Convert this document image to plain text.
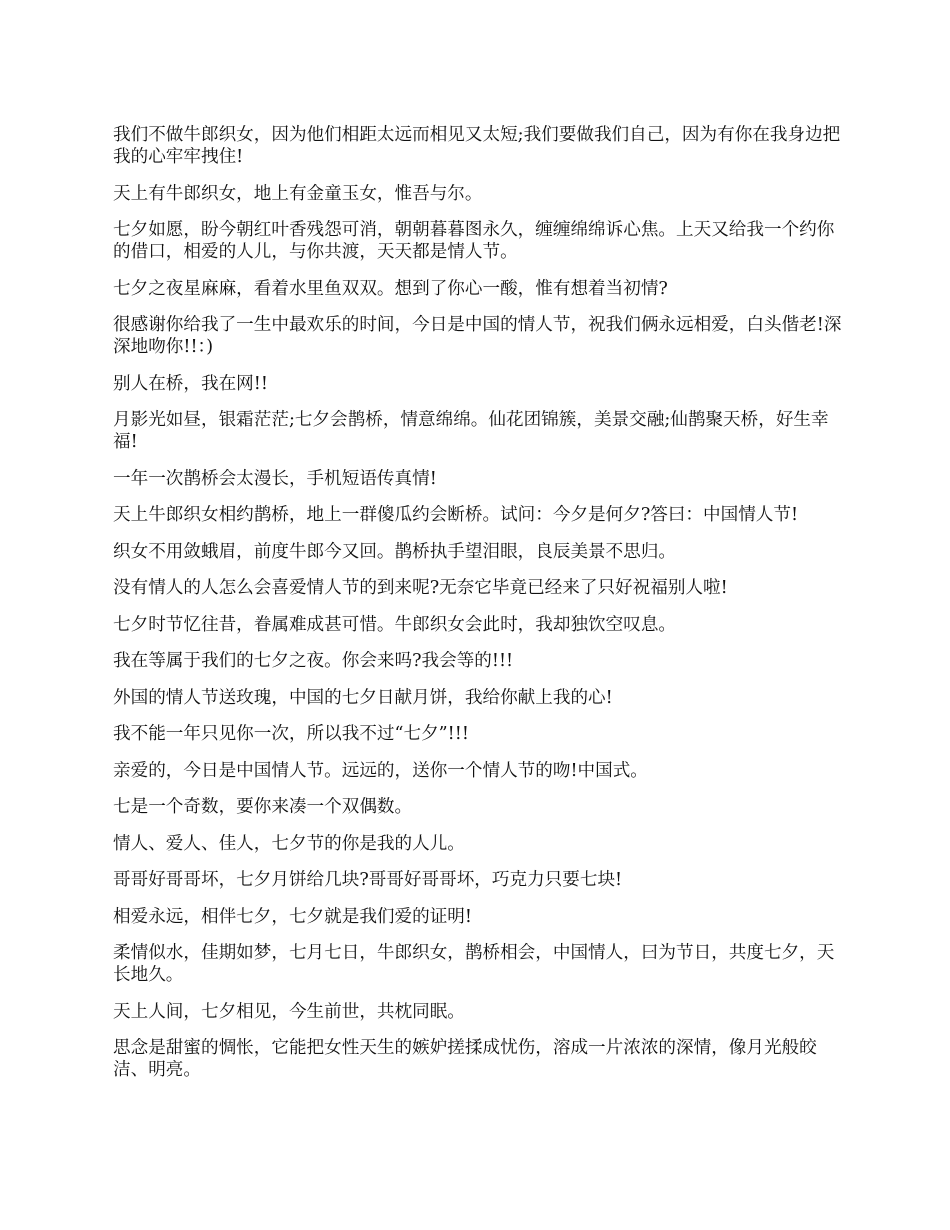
我们不做牛郎织女，因为他们相距太远而相见又太短;我们要做我们自己，因为有你在我身边把我的心牢牢拽住!

天上有牛郎织女，地上有金童玉女，惟吾与尔。

七夕如愿，盼今朝红叶香残怨可消，朝朝暮暮图永久，缠缠绵绵诉心焦。上天又给我一个约你的借口，相爱的人儿，与你共渡，天天都是情人节。

七夕之夜星麻麻，看着水里鱼双双。想到了你心一酸，惟有想着当初情?

很感谢你给我了一生中最欢乐的时间，今日是中国的情人节，祝我们俩永远相爱，白头偕老!深深地吻你!!：)

别人在桥，我在网!!

月影光如昼，银霜茫茫;七夕会鹊桥，情意绵绵。仙花团锦簇，美景交融;仙鹊聚天桥，好生幸福!

一年一次鹊桥会太漫长，手机短语传真情!

天上牛郎织女相约鹊桥，地上一群傻瓜约会断桥。试问：今夕是何夕?答曰：中国情人节!

织女不用敛蛾眉，前度牛郎今又回。鹊桥执手望泪眼，良辰美景不思归。

没有情人的人怎么会喜爱情人节的到来呢?无奈它毕竟已经来了只好祝福别人啦!

七夕时节忆往昔，眷属难成甚可惜。牛郎织女会此时，我却独饮空叹息。

我在等属于我们的七夕之夜。你会来吗?我会等的!!!

外国的情人节送玫瑰，中国的七夕日献月饼，我给你献上我的心!

我不能一年只见你一次，所以我不过“七夕”!!!

亲爱的，今日是中国情人节。远远的，送你一个情人节的吻!中国式。

七是一个奇数，要你来凑一个双偶数。

情人、爱人、佳人，七夕节的你是我的人儿。

哥哥好哥哥坏，七夕月饼给几块?哥哥好哥哥坏，巧克力只要七块!

相爱永远，相伴七夕，七夕就是我们爱的证明!

柔情似水，佳期如梦，七月七日，牛郎织女，鹊桥相会，中国情人，曰为节日，共度七夕，天长地久。

天上人间，七夕相见，今生前世，共枕同眠。

思念是甜蜜的惆怅，它能把女性天生的嫉妒搓揉成忧伤，溶成一片浓浓的深情，像月光般皎洁、明亮。
